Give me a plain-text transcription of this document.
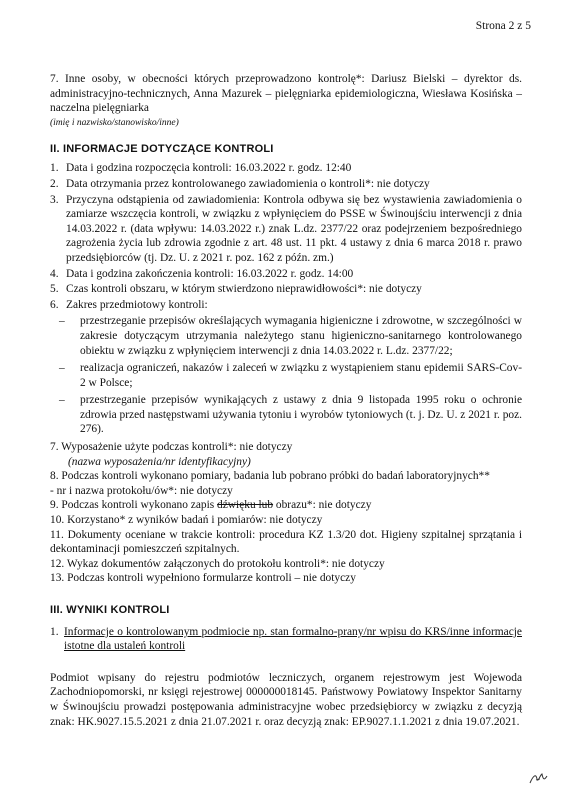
Strona 2 z 5

7. Inne osoby, w obecności których przeprowadzono kontrolę*: Dariusz Bielski – dyrektor ds. administracyjno-technicznych, Anna Mazurek – pielęgniarka epidemiologiczna, Wiesława Kosińska – naczelna pielęgniarka

(imię i nazwisko/stanowisko/inne)

II. INFORMACJE DOTYCZĄCE KONTROLI
1. Data i godzina rozpoczęcia kontroli: 16.03.2022 r. godz. 12:40
2. Data otrzymania przez kontrolowanego zawiadomienia o kontroli*: nie dotyczy
3. Przyczyna odstąpienia od zawiadomienia: Kontrola odbywa się bez wystawienia zawiadomienia o zamiarze wszczęcia kontroli, w związku z wpłynięciem do PSSE w Świnoujściu interwencji z dnia 14.03.2022 r. (data wpływu: 14.03.2022 r.) znak L.dz. 2377/22 oraz podejrzeniem bezpośredniego zagrożenia życia lub zdrowia zgodnie z art. 48 ust. 11 pkt. 4 ustawy z dnia 6 marca 2018 r. prawo przedsiębiorców (tj. Dz. U. z 2021 r. poz. 162 z późn. zm.)
4. Data i godzina zakończenia kontroli: 16.03.2022 r. godz. 14:00
5. Czas kontroli obszaru, w którym stwierdzono nieprawidłowości*: nie dotyczy
6. Zakres przedmiotowy kontroli:
–	przestrzeganie przepisów określających wymagania higieniczne i zdrowotne, w szczególności w zakresie dotyczącym utrzymania należytego stanu higieniczno-sanitarnego kontrolowanego obiektu w związku z wpłynięciem interwencji z dnia 14.03.2022 r. L.dz. 2377/22;
–	realizacja ograniczeń, nakazów i zaleceń w związku z wystąpieniem stanu epidemii SARS-Cov-2 w Polsce;
–	przestrzeganie przepisów wynikających z ustawy z dnia 9 listopada 1995 roku o ochronie zdrowia przed następstwami używania tytoniu i wyrobów tytoniowych (t. j. Dz. U. z 2021 r. poz. 276).

7. Wyposażenie użyte podczas kontroli*: nie dotyczy

(nazwa wyposażenia/nr identyfikacyjny)

8. Podczas kontroli wykonano pomiary, badania lub pobrano próbki do badań laboratoryjnych**

- nr i nazwa protokołu/ów*: nie dotyczy

9. Podczas kontroli wykonano zapis dźwięku lub obrazu*: nie dotyczy

10. Korzystano* z wyników badań i pomiarów: nie dotyczy

11. Dokumenty oceniane w trakcie kontroli: procedura KZ 1.3/20 dot. Higieny szpitalnej sprzątania i dekontaminacji pomieszczeń szpitalnych.

12. Wykaz dokumentów załączonych do protokołu kontroli*: nie dotyczy

13. Podczas kontroli wypełniono formularze kontroli – nie dotyczy

III. WYNIKI KONTROLI
1. Informacje o kontrolowanym podmiocie np. stan formalno-prany/nr wpisu do KRS/inne informacje istotne dla ustaleń kontroli

Podmiot wpisany do rejestru podmiotów leczniczych, organem rejestrowym jest Wojewoda Zachodniopomorski, nr księgi rejestrowej 000000018145. Państwowy Powiatowy Inspektor Sanitarny w Świnoujściu prowadzi postępowania administracyjne wobec przedsiębiorcy w związku z decyzją znak: HK.9027.15.5.2021 z dnia 21.07.2021 r. oraz decyzją znak: EP.9027.1.1.2021 z dnia 19.07.2021.
